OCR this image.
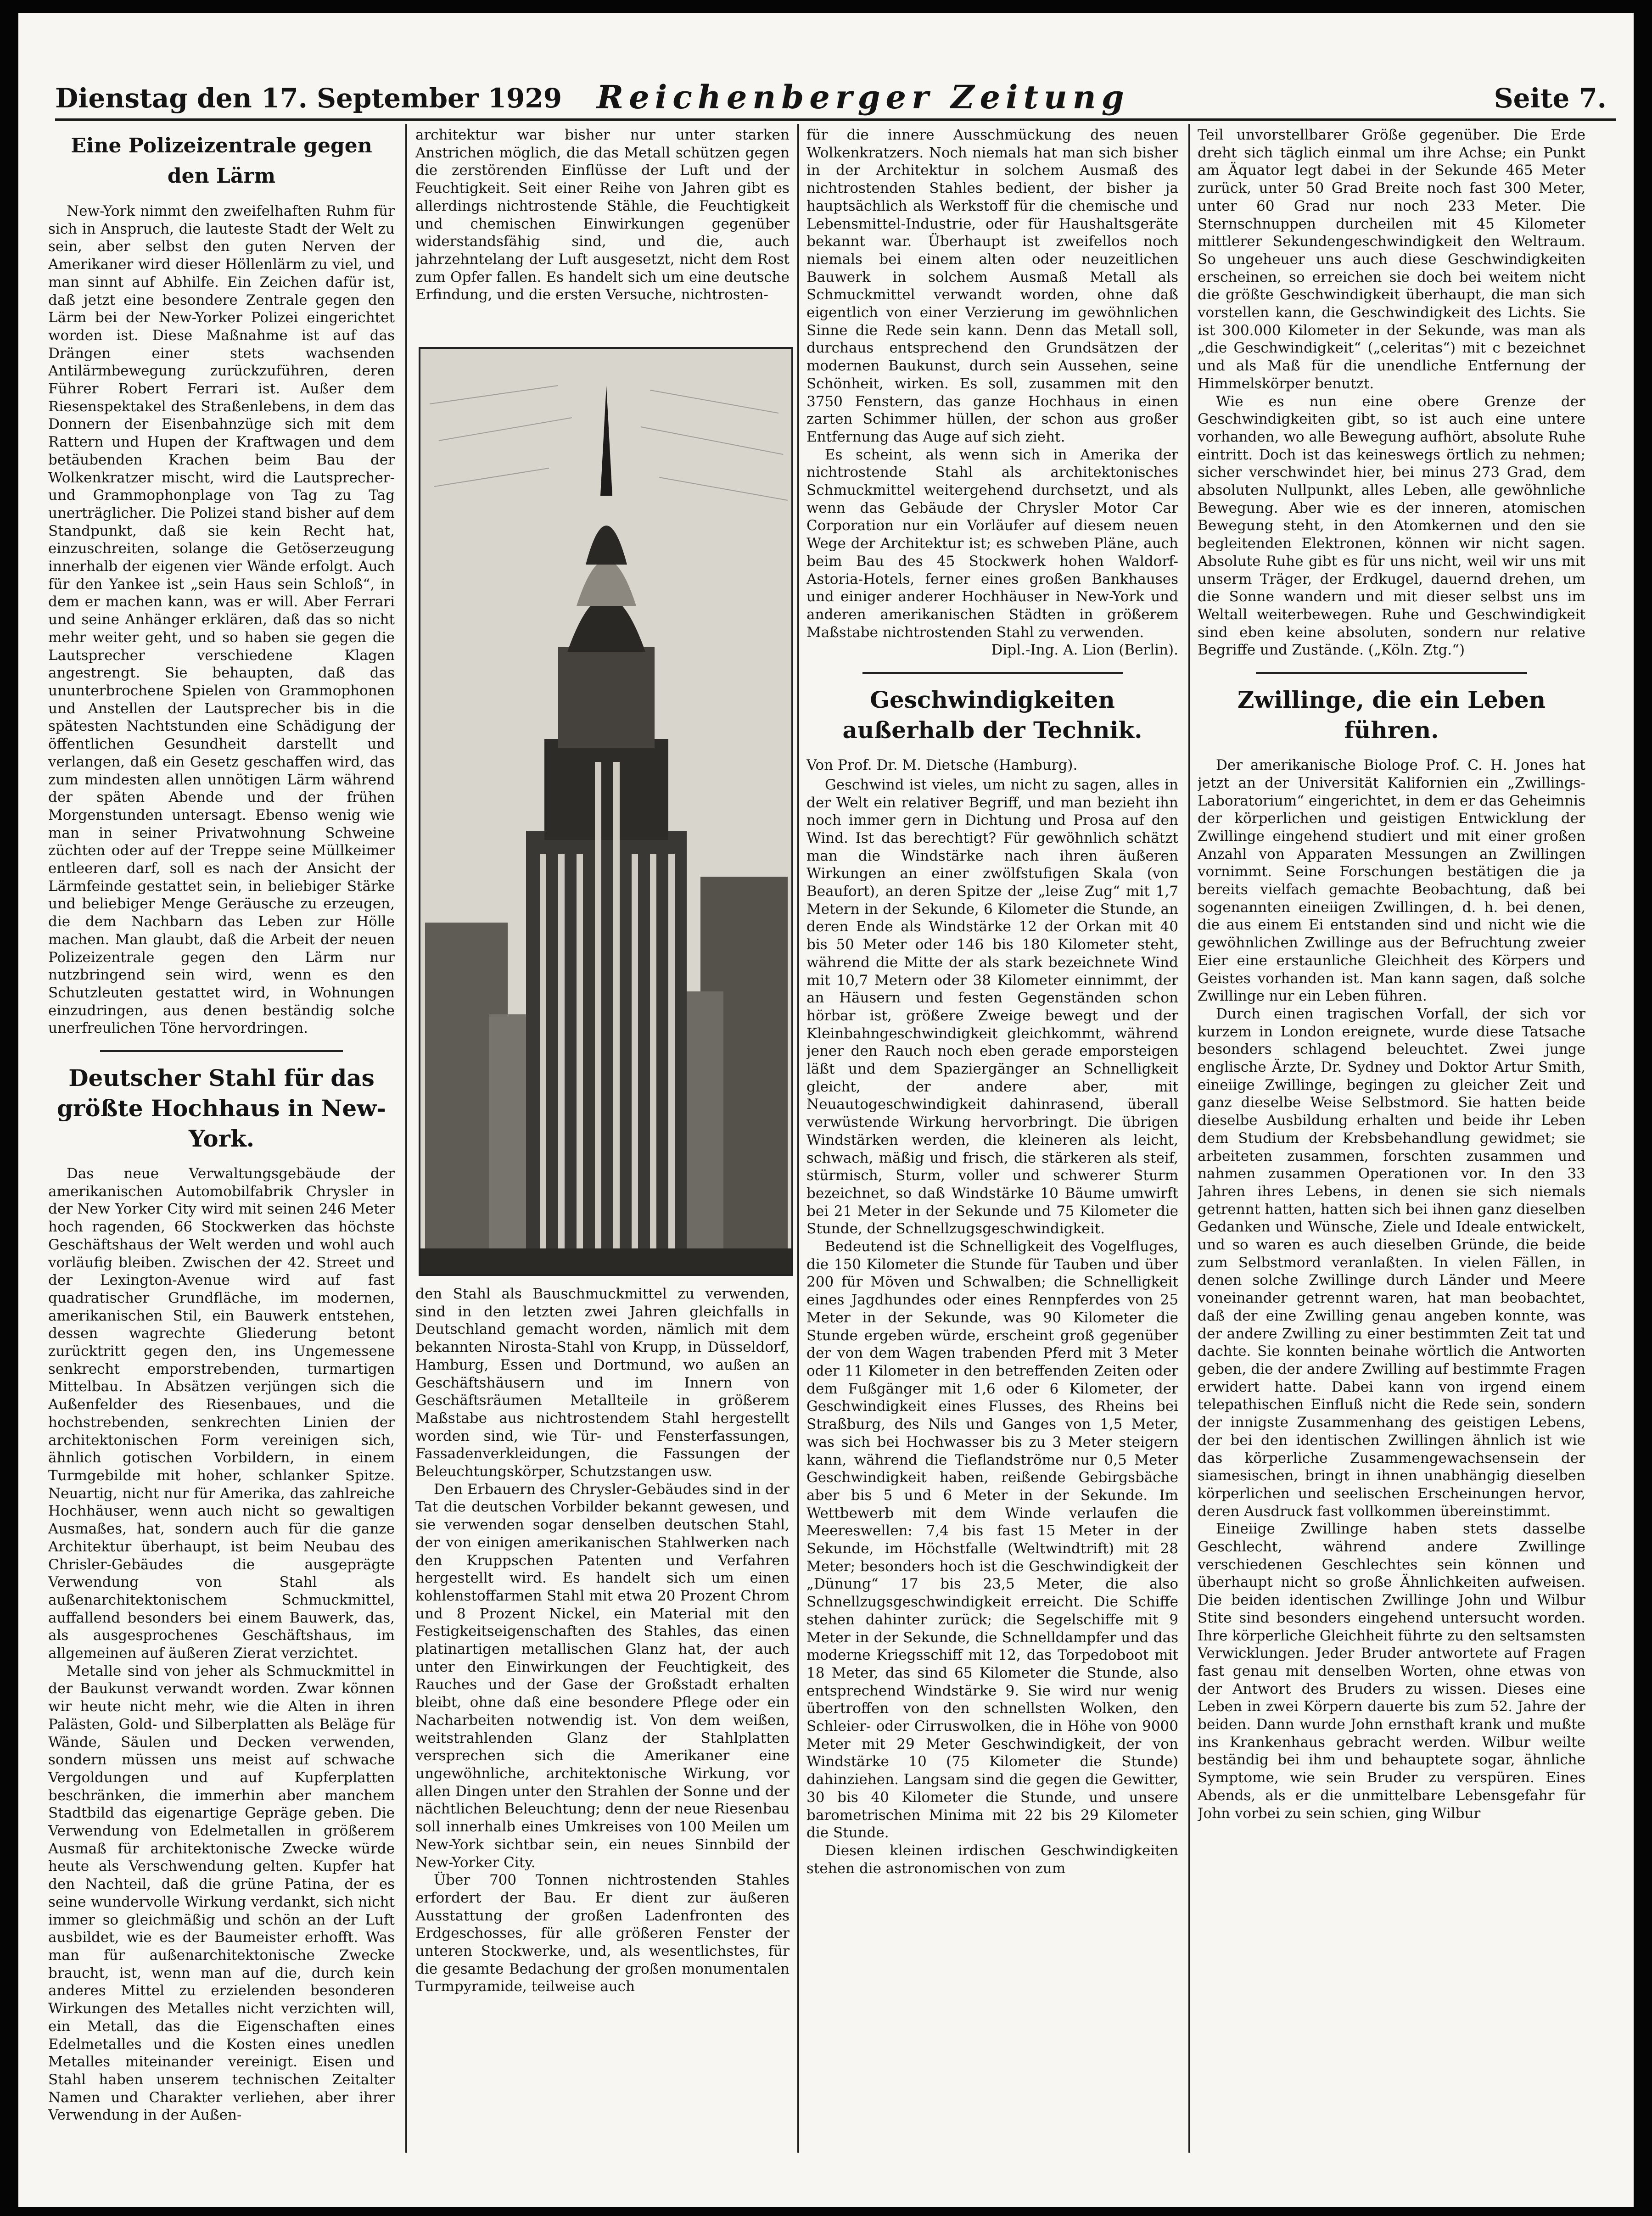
Dienstag den 17. September 1929 Reichenberger Zeitung	Seite 7.
Eine Polizeizentrale gegen den Lärm

New-York nimmt den zweifelhaften Ruhm für sich in Anspruch, die lauteste Stadt der Welt zu sein, aber selbst den guten Nerven der Amerikaner wird dieser Höllenlärm zu viel, und man sinnt auf Abhilfe. Ein Zeichen dafür ist, daß jetzt eine besondere Zentrale gegen den Lärm bei der New-Yorker Polizei eingerichtet worden ist. Diese Maßnahme ist auf das Drängen einer stets wachsenden Antilärmbewegung zurückzuführen, deren Führer Robert Ferrari ist. Außer dem Riesenspektakel des Straßenlebens, in dem das Donnern der Eisenbahnzüge sich mit dem Rattern und Hupen der Kraftwagen und dem betäubenden Krachen beim Bau der Wolkenkratzer mischt, wird die Lautsprecher- und Grammophonplage von Tag zu Tag unerträglicher. Die Polizei stand bisher auf dem Standpunkt, daß sie kein Recht hat, einzuschreiten, solange die Getöserzeugung innerhalb der eigenen vier Wände erfolgt. Auch für den Yankee ist „sein Haus sein Schloß“, in dem er machen kann, was er will. Aber Ferrari und seine Anhänger erklären, daß das so nicht mehr weiter geht, und so haben sie gegen die Lautsprecher verschiedene Klagen angestrengt. Sie behaupten, daß das ununterbrochene Spielen von Grammophonen und Anstellen der Lautsprecher bis in die spätesten Nachtstunden eine Schädigung der öffentlichen Gesundheit darstellt und verlangen, daß ein Gesetz geschaffen wird, das zum mindesten allen unnötigen Lärm während der späten Abende und der frühen Morgenstunden untersagt. Ebenso wenig wie man in seiner Privatwohnung Schweine züchten oder auf der Treppe seine Müllkeimer entleeren darf, soll es nach der Ansicht der Lärmfeinde gestattet sein, in beliebiger Stärke und beliebiger Menge Geräusche zu erzeugen, die dem Nachbarn das Leben zur Hölle machen. Man glaubt, daß die Arbeit der neuen Polizeizentrale gegen den Lärm nur nutzbringend sein wird, wenn es den Schutzleuten gestattet wird, in Wohnungen einzudringen, aus denen beständig solche unerfreulichen Töne hervordringen.

Deutscher Stahl für das größte Hochhaus in New-York.

Das neue Verwaltungsgebäude der amerikanischen Automobilfabrik Chrysler in der New Yorker City wird mit seinen 246 Meter hoch ragenden, 66 Stockwerken das höchste Geschäftshaus der Welt werden und wohl auch vorläufig bleiben. Zwischen der 42. Street und der Lexington-Avenue wird auf fast quadratischer Grundfläche, im modernen, amerikanischen Stil, ein Bauwerk entstehen, dessen wagrechte Gliederung betont zurücktritt gegen den, ins Ungemessene senkrecht emporstrebenden, turmartigen Mittelbau. In Absätzen verjüngen sich die Außenfelder des Riesenbaues, und die hochstrebenden, senkrechten Linien der architektonischen Form vereinigen sich, ähnlich gotischen Vorbildern, in einem Turmgebilde mit hoher, schlanker Spitze. Neuartig, nicht nur für Amerika, das zahlreiche Hochhäuser, wenn auch nicht so gewaltigen Ausmaßes, hat, sondern auch für die ganze Architektur überhaupt, ist beim Neubau des Chrisler-Gebäudes die ausgeprägte Verwendung von Stahl als außenarchitektonischem Schmuckmittel, auffallend besonders bei einem Bauwerk, das, als ausgesprochenes Geschäftshaus, im allgemeinen auf äußeren Zierat verzichtet.

Metalle sind von jeher als Schmuckmittel in der Baukunst verwandt worden. Zwar können wir heute nicht mehr, wie die Alten in ihren Palästen, Gold- und Silberplatten als Beläge für Wände, Säulen und Decken verwenden, sondern müssen uns meist auf schwache Vergoldungen und auf Kupferplatten beschränken, die immerhin aber manchem Stadtbild das eigenartige Gepräge geben. Die Verwendung von Edelmetallen in größerem Ausmaß für architektonische Zwecke würde heute als Verschwendung gelten. Kupfer hat den Nachteil, daß die grüne Patina, der es seine wundervolle Wirkung verdankt, sich nicht immer so gleichmäßig und schön an der Luft ausbildet, wie es der Baumeister erhofft. Was man für außenarchitektonische Zwecke braucht, ist, wenn man auf die, durch kein anderes Mittel zu erzielenden besonderen Wirkungen des Metalles nicht verzichten will, ein Metall, das die Eigenschaften eines Edelmetalles und die Kosten eines unedlen Metalles miteinander vereinigt. Eisen und Stahl haben unserem technischen Zeitalter Namen und Charakter verliehen, aber ihrer Verwendung in der Außen-

architektur war bisher nur unter starken Anstrichen möglich, die das Metall schützen gegen die zerstörenden Einflüsse der Luft und der Feuchtigkeit. Seit einer Reihe von Jahren gibt es allerdings nichtrostende Stähle, die Feuchtigkeit und chemischen Einwirkungen gegenüber widerstandsfähig sind, und die, auch jahrzehntelang der Luft ausgesetzt, nicht dem Rost zum Opfer fallen. Es handelt sich um eine deutsche Erfindung, und die ersten Versuche, nichtrosten-

den Stahl als Bauschmuckmittel zu verwenden, sind in den letzten zwei Jahren gleichfalls in Deutschland gemacht worden, nämlich mit dem bekannten Nirosta-Stahl von Krupp, in Düsseldorf, Hamburg, Essen und Dortmund, wo außen an Geschäftshäusern und im Innern von Geschäftsräumen Metallteile in größerem Maßstabe aus nichtrostendem Stahl hergestellt worden sind, wie Tür- und Fensterfassungen, Fassadenverkleidungen, die Fassungen der Beleuchtungskörper, Schutzstangen usw.

Den Erbauern des Chrysler-Gebäudes sind in der Tat die deutschen Vorbilder bekannt gewesen, und sie verwenden sogar denselben deutschen Stahl, der von einigen amerikanischen Stahlwerken nach den Kruppschen Patenten und Verfahren hergestellt wird. Es handelt sich um einen kohlenstoffarmen Stahl mit etwa 20 Prozent Chrom und 8 Prozent Nickel, ein Material mit den Festigkeitseigenschaften des Stahles, das einen platinartigen metallischen Glanz hat, der auch unter den Einwirkungen der Feuchtigkeit, des Rauches und der Gase der Großstadt erhalten bleibt, ohne daß eine besondere Pflege oder ein Nacharbeiten notwendig ist. Von dem weißen, weitstrahlenden Glanz der Stahlplatten versprechen sich die Amerikaner eine ungewöhnliche, architektonische Wirkung, vor allen Dingen unter den Strahlen der Sonne und der nächtlichen Beleuchtung; denn der neue Riesenbau soll innerhalb eines Umkreises von 100 Meilen um New-York sichtbar sein, ein neues Sinnbild der New-Yorker City.

Über 700 Tonnen nichtrostenden Stahles erfordert der Bau. Er dient zur äußeren Ausstattung der großen Ladenfronten des Erdgeschosses, für alle größeren Fenster der unteren Stockwerke, und, als wesentlichstes, für die gesamte Bedachung der großen monumentalen Turmpyramide, teilweise auch

für die innere Ausschmückung des neuen Wolkenkratzers. Noch niemals hat man sich bisher in der Architektur in solchem Ausmaß des nichtrostenden Stahles bedient, der bisher ja hauptsächlich als Werkstoff für die chemische und Lebensmittel-Industrie, oder für Haushaltsgeräte bekannt war. Überhaupt ist zweifellos noch niemals bei einem alten oder neuzeitlichen Bauwerk in solchem Ausmaß Metall als Schmuckmittel verwandt worden, ohne daß eigentlich von einer Verzierung im gewöhnlichen Sinne die Rede sein kann. Denn das Metall soll, durchaus entsprechend den Grundsätzen der modernen Baukunst, durch sein Aussehen, seine Schönheit, wirken. Es soll, zusammen mit den 3750 Fenstern, das ganze Hochhaus in einen zarten Schimmer hüllen, der schon aus großer Entfernung das Auge auf sich zieht.

Es scheint, als wenn sich in Amerika der nichtrostende Stahl als architektonisches Schmuckmittel weitergehend durchsetzt, und als wenn das Gebäude der Chrysler Motor Car Corporation nur ein Vorläufer auf diesem neuen Wege der Architektur ist; es schweben Pläne, auch beim Bau des 45 Stockwerk hohen Waldorf-Astoria-Hotels, ferner eines großen Bankhauses und einiger anderer Hochhäuser in New-York und anderen amerikanischen Städten in größerem Maßstabe nichtrostenden Stahl zu verwenden.

Dipl.-Ing. A. Lion (Berlin).

Geschwindigkeiten außerhalb der Technik.

Von Prof. Dr. M. Dietsche (Hamburg).

Geschwind ist vieles, um nicht zu sagen, alles in der Welt ein relativer Begriff, und man bezieht ihn noch immer gern in Dichtung und Prosa auf den Wind. Ist das berechtigt? Für gewöhnlich schätzt man die Windstärke nach ihren äußeren Wirkungen an einer zwölfstufigen Skala (von Beaufort), an deren Spitze der „leise Zug“ mit 1,7 Metern in der Sekunde, 6 Kilometer die Stunde, an deren Ende als Windstärke 12 der Orkan mit 40 bis 50 Meter oder 146 bis 180 Kilometer steht, während die Mitte der als stark bezeichnete Wind mit 10,7 Metern oder 38 Kilometer einnimmt, der an Häusern und festen Gegenständen schon hörbar ist, größere Zweige bewegt und der Kleinbahngeschwindigkeit gleichkommt, während jener den Rauch noch eben gerade emporsteigen läßt und dem Spaziergänger an Schnelligkeit gleicht, der andere aber, mit Neuautogeschwindigkeit dahinrasend, überall verwüstende Wirkung hervorbringt. Die übrigen Windstärken werden, die kleineren als leicht, schwach, mäßig und frisch, die stärkeren als steif, stürmisch, Sturm, voller und schwerer Sturm bezeichnet, so daß Windstärke 10 Bäume umwirft bei 21 Meter in der Sekunde und 75 Kilometer die Stunde, der Schnellzugsgeschwindigkeit.

Bedeutend ist die Schnelligkeit des Vogelfluges, die 150 Kilometer die Stunde für Tauben und über 200 für Möven und Schwalben; die Schnelligkeit eines Jagdhundes oder eines Rennpferdes von 25 Meter in der Sekunde, was 90 Kilometer die Stunde ergeben würde, erscheint groß gegenüber der von dem Wagen trabenden Pferd mit 3 Meter oder 11 Kilometer in den betreffenden Zeiten oder dem Fußgänger mit 1,6 oder 6 Kilometer, der Geschwindigkeit eines Flusses, des Rheins bei Straßburg, des Nils und Ganges von 1,5 Meter, was sich bei Hochwasser bis zu 3 Meter steigern kann, während die Tieflandströme nur 0,5 Meter Geschwindigkeit haben, reißende Gebirgsbäche aber bis 5 und 6 Meter in der Sekunde. Im Wettbewerb mit dem Winde verlaufen die Meereswellen: 7,4 bis fast 15 Meter in der Sekunde, im Höchstfalle (Weltwindtrift) mit 28 Meter; besonders hoch ist die Geschwindigkeit der „Dünung“ 17 bis 23,5 Meter, die also Schnellzugsgeschwindigkeit erreicht. Die Schiffe stehen dahinter zurück; die Segelschiffe mit 9 Meter in der Sekunde, die Schnelldampfer und das moderne Kriegsschiff mit 12, das Torpedoboot mit 18 Meter, das sind 65 Kilometer die Stunde, also entsprechend Windstärke 9. Sie wird nur wenig übertroffen von den schnellsten Wolken, den Schleier- oder Cirruswolken, die in Höhe von 9000 Meter mit 29 Meter Geschwindigkeit, der von Windstärke 10 (75 Kilometer die Stunde) dahinziehen. Langsam sind die gegen die Gewitter, 30 bis 40 Kilometer die Stunde, und unsere barometrischen Minima mit 22 bis 29 Kilometer die Stunde.

Diesen kleinen irdischen Geschwindigkeiten stehen die astronomischen von zum

Teil unvorstellbarer Größe gegenüber. Die Erde dreht sich täglich einmal um ihre Achse; ein Punkt am Äquator legt dabei in der Sekunde 465 Meter zurück, unter 50 Grad Breite noch fast 300 Meter, unter 60 Grad nur noch 233 Meter. Die Sternschnuppen durcheilen mit 45 Kilometer mittlerer Sekundengeschwindigkeit den Weltraum. So ungeheuer uns auch diese Geschwindigkeiten erscheinen, so erreichen sie doch bei weitem nicht die größte Geschwindigkeit überhaupt, die man sich vorstellen kann, die Geschwindigkeit des Lichts. Sie ist 300.000 Kilometer in der Sekunde, was man als „die Geschwindigkeit“ („celeritas“) mit c bezeichnet und als Maß für die unendliche Entfernung der Himmelskörper benutzt.

Wie es nun eine obere Grenze der Geschwindigkeiten gibt, so ist auch eine untere vorhanden, wo alle Bewegung aufhört, absolute Ruhe eintritt. Doch ist das keineswegs örtlich zu nehmen; sicher verschwindet hier, bei minus 273 Grad, dem absoluten Nullpunkt, alles Leben, alle gewöhnliche Bewegung. Aber wie es der inneren, atomischen Bewegung steht, in den Atomkernen und den sie begleitenden Elektronen, können wir nicht sagen. Absolute Ruhe gibt es für uns nicht, weil wir uns mit unserm Träger, der Erdkugel, dauernd drehen, um die Sonne wandern und mit dieser selbst uns im Weltall weiterbewegen. Ruhe und Geschwindigkeit sind eben keine absoluten, sondern nur relative Begriffe und Zustände. („Köln. Ztg.“)

Zwillinge, die ein Leben führen.

Der amerikanische Biologe Prof. C. H. Jones hat jetzt an der Universität Kalifornien ein „Zwillings-Laboratorium“ eingerichtet, in dem er das Geheimnis der körperlichen und geistigen Entwicklung der Zwillinge eingehend studiert und mit einer großen Anzahl von Apparaten Messungen an Zwillingen vornimmt. Seine Forschungen bestätigen die ja bereits vielfach gemachte Beobachtung, daß bei sogenannten eineiigen Zwillingen, d. h. bei denen, die aus einem Ei entstanden sind und nicht wie die gewöhnlichen Zwillinge aus der Befruchtung zweier Eier eine erstaunliche Gleichheit des Körpers und Geistes vorhanden ist. Man kann sagen, daß solche Zwillinge nur ein Leben führen.

Durch einen tragischen Vorfall, der sich vor kurzem in London ereignete, wurde diese Tatsache besonders schlagend beleuchtet. Zwei junge englische Ärzte, Dr. Sydney und Doktor Artur Smith, eineiige Zwillinge, begingen zu gleicher Zeit und ganz dieselbe Weise Selbstmord. Sie hatten beide dieselbe Ausbildung erhalten und beide ihr Leben dem Studium der Krebsbehandlung gewidmet; sie arbeiteten zusammen, forschten zusammen und nahmen zusammen Operationen vor. In den 33 Jahren ihres Lebens, in denen sie sich niemals getrennt hatten, hatten sich bei ihnen ganz dieselben Gedanken und Wünsche, Ziele und Ideale entwickelt, und so waren es auch dieselben Gründe, die beide zum Selbstmord veranlaßten. In vielen Fällen, in denen solche Zwillinge durch Länder und Meere voneinander getrennt waren, hat man beobachtet, daß der eine Zwilling genau angeben konnte, was der andere Zwilling zu einer bestimmten Zeit tat und dachte. Sie konnten beinahe wörtlich die Antworten geben, die der andere Zwilling auf bestimmte Fragen erwidert hatte. Dabei kann von irgend einem telepathischen Einfluß nicht die Rede sein, sondern der innigste Zusammenhang des geistigen Lebens, der bei den identischen Zwillingen ähnlich ist wie das körperliche Zusammengewachsensein der siamesischen, bringt in ihnen unabhängig dieselben körperlichen und seelischen Erscheinungen hervor, deren Ausdruck fast vollkommen übereinstimmt.

Eineiige Zwillinge haben stets dasselbe Geschlecht, während andere Zwillinge verschiedenen Geschlechtes sein können und überhaupt nicht so große Ähnlichkeiten aufweisen. Die beiden identischen Zwillinge John und Wilbur Stite sind besonders eingehend untersucht worden. Ihre körperliche Gleichheit führte zu den seltsamsten Verwicklungen. Jeder Bruder antwortete auf Fragen fast genau mit denselben Worten, ohne etwas von der Antwort des Bruders zu wissen. Dieses eine Leben in zwei Körpern dauerte bis zum 52. Jahre der beiden. Dann wurde John ernsthaft krank und mußte ins Krankenhaus gebracht werden. Wilbur weilte beständig bei ihm und behauptete sogar, ähnliche Symptome, wie sein Bruder zu verspüren. Eines Abends, als er die unmittelbare Lebensgefahr für John vorbei zu sein schien, ging Wilbur
